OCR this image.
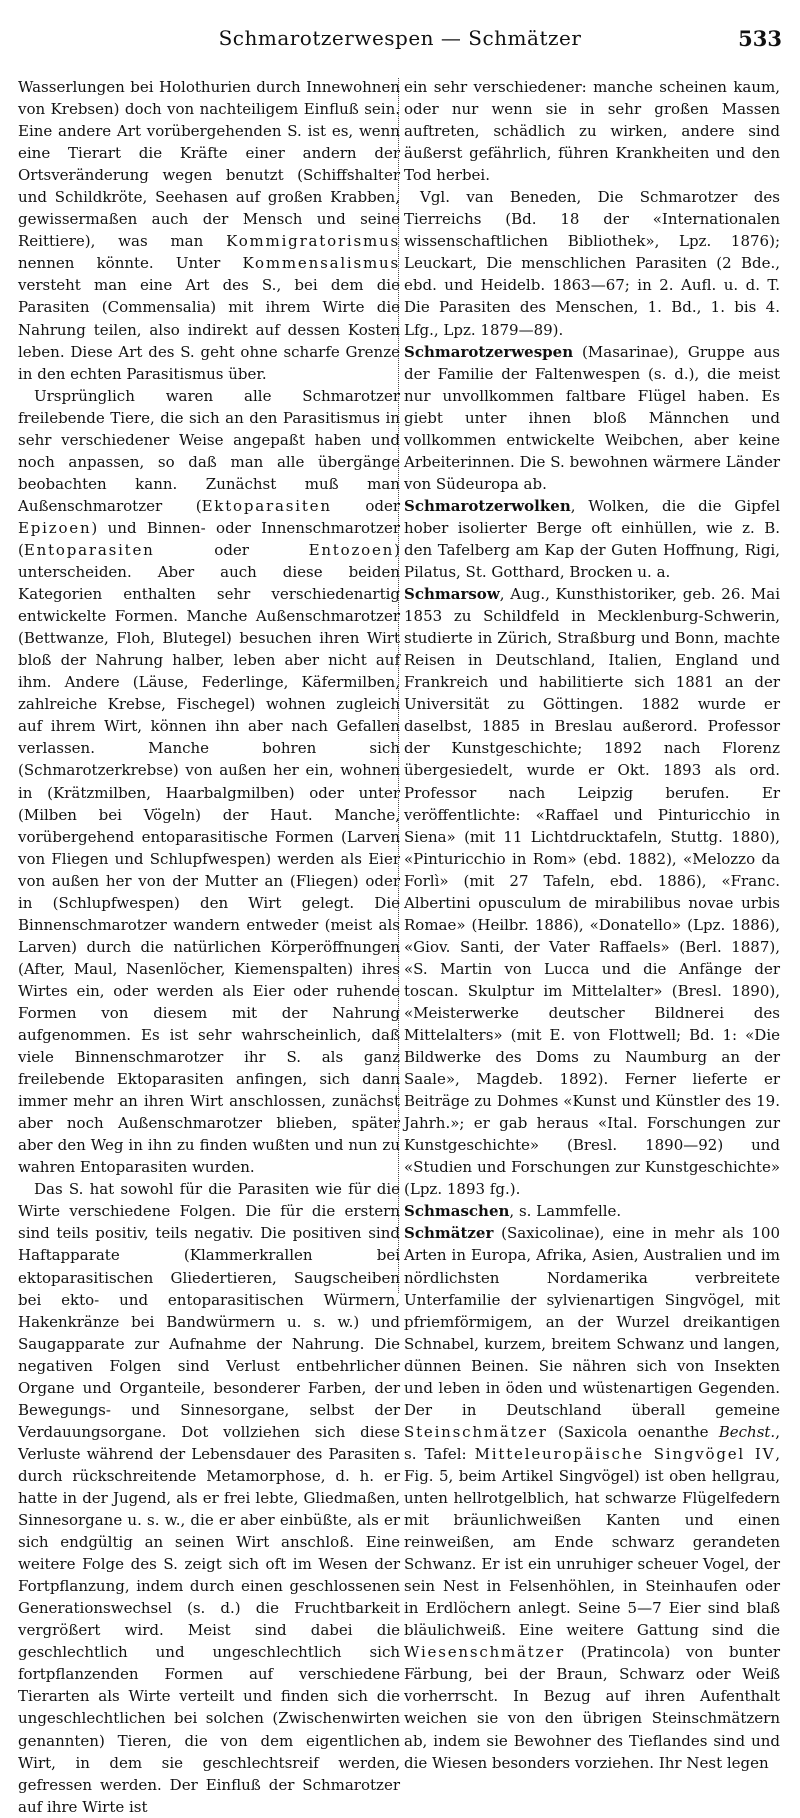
Schmarotzerwespen — Schmätzer	533

Wasserlungen bei Holothurien durch Innewohnen von Krebsen) doch von nachteiligem Einfluß sein. Eine andere Art vorübergehenden S. ist es, wenn eine Tierart die Kräfte einer andern der Ortsveränderung wegen benutzt (Schiffshalter und Schildkröte, Seehasen auf großen Krabben, gewissermaßen auch der Mensch und seine Reittiere), was man Kommigratorismus nennen könnte. Unter Kommensalismus versteht man eine Art des S., bei dem die Parasiten (Commensalia) mit ihrem Wirte die Nahrung teilen, also indirekt auf dessen Kosten leben. Diese Art des S. geht ohne scharfe Grenze in den echten Parasitismus über.

Ursprünglich waren alle Schmarotzer freilebende Tiere, die sich an den Parasitismus in sehr verschiedener Weise angepaßt haben und noch anpassen, so daß man alle übergänge beobachten kann. Zunächst muß man Außenschmarotzer (Ektoparasiten oder Epizoen) und Binnen- oder Innenschmarotzer (Entoparasiten oder Entozoen) unterscheiden. Aber auch diese beiden Kategorien enthalten sehr verschiedenartig entwickelte Formen. Manche Außenschmarotzer (Bettwanze, Floh, Blutegel) besuchen ihren Wirt bloß der Nahrung halber, leben aber nicht auf ihm. Andere (Läuse, Federlinge, Käfermilben, zahlreiche Krebse, Fischegel) wohnen zugleich auf ihrem Wirt, können ihn aber nach Gefallen verlassen. Manche bohren sich (Schmarotzerkrebse) von außen her ein, wohnen in (Krätzmilben, Haarbalgmilben) oder unter (Milben bei Vögeln) der Haut. Manche, vorübergehend entoparasitische Formen (Larven von Fliegen und Schlupfwespen) werden als Eier von außen her von der Mutter an (Fliegen) oder in (Schlupfwespen) den Wirt gelegt. Die Binnenschmarotzer wandern entweder (meist als Larven) durch die natürlichen Körperöffnungen (After, Maul, Nasenlöcher, Kiemenspalten) ihres Wirtes ein, oder werden als Eier oder ruhende Formen von diesem mit der Nahrung aufgenommen. Es ist sehr wahrscheinlich, daß viele Binnenschmarotzer ihr S. als ganz freilebende Ektoparasiten anfingen, sich dann immer mehr an ihren Wirt anschlossen, zunächst aber noch Außenschmarotzer blieben, später aber den Weg in ihn zu finden wußten und nun zu wahren Entoparasiten wurden.

Das S. hat sowohl für die Parasiten wie für die Wirte verschiedene Folgen. Die für die erstern sind teils positiv, teils negativ. Die positiven sind Haftapparate (Klammerkrallen bei ektoparasitischen Gliedertieren, Saugscheiben bei ekto- und entoparasitischen Würmern, Hakenkränze bei Bandwürmern u. s. w.) und Saugapparate zur Aufnahme der Nahrung. Die negativen Folgen sind Verlust entbehrlicher Organe und Organteile, besonderer Farben, der Bewegungs- und Sinnesorgane, selbst der Verdauungsorgane. Dot vollziehen sich diese Verluste während der Lebensdauer des Parasiten durch rückschreitende Metamorphose, d. h. er hatte in der Jugend, als er frei lebte, Gliedmaßen, Sinnesorgane u. s. w., die er aber einbüßte, als er sich endgültig an seinen Wirt anschloß. Eine weitere Folge des S. zeigt sich oft im Wesen der Fortpflanzung, indem durch einen geschlossenen Generationswechsel (s. d.) die Fruchtbarkeit vergrößert wird. Meist sind dabei die geschlechtlich und ungeschlechtlich sich fortpflanzenden Formen auf verschiedene Tierarten als Wirte verteilt und finden sich die ungeschlechtlichen bei solchen (Zwischenwirten genannten) Tieren, die von dem eigentlichen Wirt, in dem sie geschlechtsreif werden, gefressen werden. Der Einfluß der Schmarotzer auf ihre Wirte ist

ein sehr verschiedener: manche scheinen kaum, oder nur wenn sie in sehr großen Massen auftreten, schädlich zu wirken, andere sind äußerst gefährlich, führen Krankheiten und den Tod herbei.

Vgl. van Beneden, Die Schmarotzer des Tierreichs (Bd. 18 der «Internationalen wissenschaftlichen Bibliothek», Lpz. 1876); Leuckart, Die menschlichen Parasiten (2 Bde., ebd. und Heidelb. 1863—67; in 2. Aufl. u. d. T. Die Parasiten des Menschen, 1. Bd., 1. bis 4. Lfg., Lpz. 1879—89).

Schmarotzerwespen (Masarinae), Gruppe aus der Familie der Faltenwespen (s. d.), die meist nur unvollkommen faltbare Flügel haben. Es giebt unter ihnen bloß Männchen und vollkommen entwickelte Weibchen, aber keine Arbeiterinnen. Die S. bewohnen wärmere Länder von Südeuropa ab.

Schmarotzerwolken, Wolken, die die Gipfel hober isolierter Berge oft einhüllen, wie z. B. den Tafelberg am Kap der Guten Hoffnung, Rigi, Pilatus, St. Gotthard, Brocken u. a.

Schmarsow, Aug., Kunsthistoriker, geb. 26. Mai 1853 zu Schildfeld in Mecklenburg-Schwerin, studierte in Zürich, Straßburg und Bonn, machte Reisen in Deutschland, Italien, England und Frankreich und habilitierte sich 1881 an der Universität zu Göttingen. 1882 wurde er daselbst, 1885 in Breslau außerord. Professor der Kunstgeschichte; 1892 nach Florenz übergesiedelt, wurde er Okt. 1893 als ord. Professor nach Leipzig berufen. Er veröffentlichte: «Raffael und Pinturicchio in Siena» (mit 11 Lichtdrucktafeln, Stuttg. 1880), «Pinturicchio in Rom» (ebd. 1882), «Melozzo da Forlì» (mit 27 Tafeln, ebd. 1886), «Franc. Albertini opusculum de mirabilibus novae urbis Romae» (Heilbr. 1886), «Donatello» (Lpz. 1886), «Giov. Santi, der Vater Raffaels» (Berl. 1887), «S. Martin von Lucca und die Anfänge der toscan. Skulptur im Mittelalter» (Bresl. 1890), «Meisterwerke deutscher Bildnerei des Mittelalters» (mit E. von Flottwell; Bd. 1: «Die Bildwerke des Doms zu Naumburg an der Saale», Magdeb. 1892). Ferner lieferte er Beiträge zu Dohmes «Kunst und Künstler des 19. Jahrh.»; er gab heraus «Ital. Forschungen zur Kunstgeschichte» (Bresl. 1890—92) und «Studien und Forschungen zur Kunstgeschichte» (Lpz. 1893 fg.).

Schmaschen, s. Lammfelle.

Schmätzer (Saxicolinae), eine in mehr als 100 Arten in Europa, Afrika, Asien, Australien und im nördlichsten Nordamerika verbreitete Unterfamilie der sylvienartigen Singvögel, mit pfriemförmigem, an der Wurzel dreikantigen Schnabel, kurzem, breitem Schwanz und langen, dünnen Beinen. Sie nähren sich von Insekten und leben in öden und wüstenartigen Gegenden. Der in Deutschland überall gemeine Steinschmätzer (Saxicola oenanthe Bechst., s. Tafel: Mitteleuropäische Singvögel IV, Fig. 5, beim Artikel Singvögel) ist oben hellgrau, unten hellrotgelblich, hat schwarze Flügelfedern mit bräunlichweißen Kanten und einen reinweißen, am Ende schwarz gerandeten Schwanz. Er ist ein unruhiger scheuer Vogel, der sein Nest in Felsenhöhlen, in Steinhaufen oder in Erdlöchern anlegt. Seine 5—7 Eier sind blaß bläulichweiß. Eine weitere Gattung sind die Wiesenschmätzer (Pratincola) von bunter Färbung, bei der Braun, Schwarz oder Weiß vorherrscht. In Bezug auf ihren Aufenthalt weichen sie von den übrigen Steinschmätzern ab, indem sie Bewohner des Tieflandes sind und die Wiesen besonders vorziehen. Ihr Nest legen
